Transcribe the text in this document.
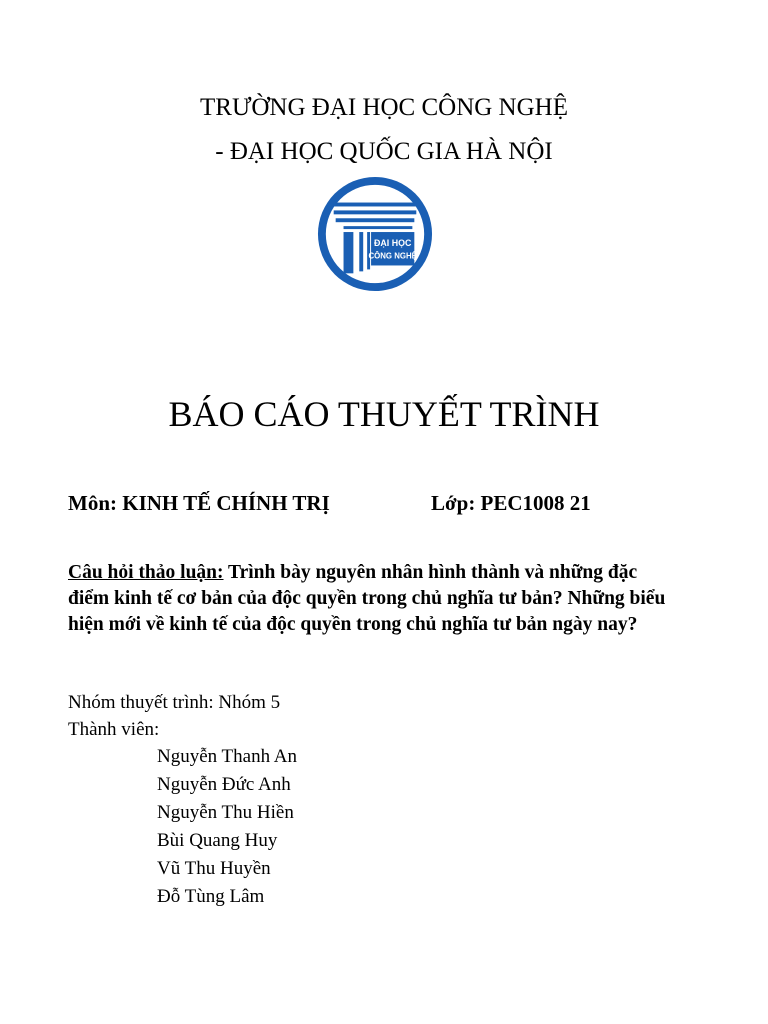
TRƯỜNG ĐẠI HỌC CÔNG NGHỆ
- ĐẠI HỌC QUỐC GIA HÀ NỘI
ĐẠI HỌC
CÔNG NGHỆ
BÁO CÁO THUYẾT TRÌNH
Môn: KINH TẾ CHÍNH TRỊ	Lớp: PEC1008 21
Câu hỏi thảo luận: Trình bày nguyên nhân hình thành và những đặc
điểm kinh tế cơ bản của độc quyền trong chủ nghĩa tư bản? Những biểu
hiện mới về kinh tế của độc quyền trong chủ nghĩa tư bản ngày nay?
Nhóm thuyết trình: Nhóm 5
Thành viên:
Nguyễn Thanh An
Nguyễn Đức Anh
Nguyễn Thu Hiền
Bùi Quang Huy
Vũ Thu Huyền
Đỗ Tùng Lâm
